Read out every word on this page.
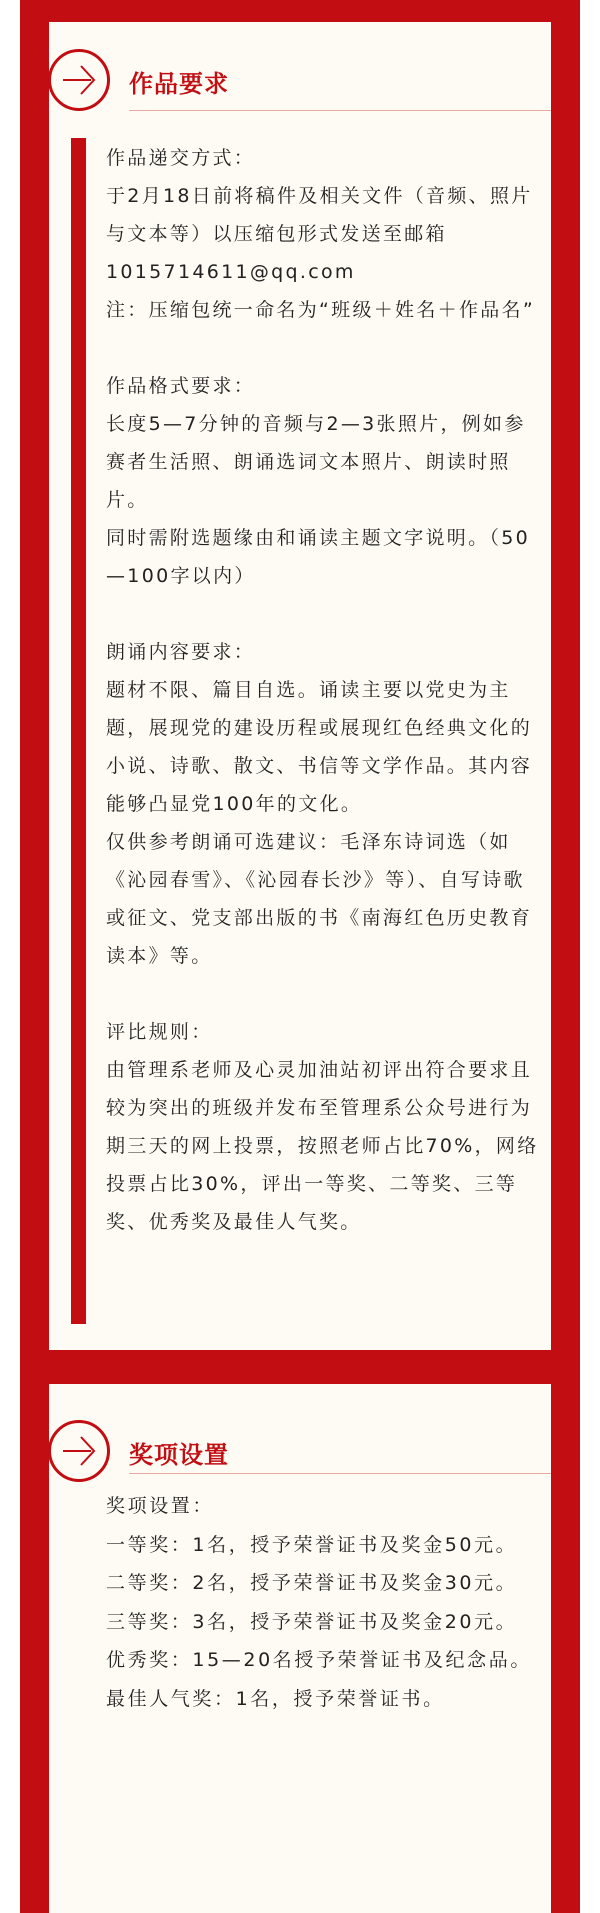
作品要求

作品递交方式：

于2月18日前将稿件及相关文件（音频、照片与文本等）以压缩包形式发送至邮箱1015714611@qq.com

注：压缩包统一命名为“班级＋姓名＋作品名”

作品格式要求：

长度5—7分钟的音频与2—3张照片，例如参赛者生活照、朗诵选词文本照片、朗读时照片。

同时需附选题缘由和诵读主题文字说明。（50—100字以内）

朗诵内容要求：

题材不限、篇目自选。诵读主要以党史为主题，展现党的建设历程或展现红色经典文化的小说、诗歌、散文、书信等文学作品。其内容能够凸显党100年的文化。

仅供参考朗诵可选建议：毛泽东诗词选（如《沁园春雪》、《沁园春长沙》等）、自写诗歌或征文、党支部出版的书《南海红色历史教育读本》等。

评比规则：

由管理系老师及心灵加油站初评出符合要求且较为突出的班级并发布至管理系公众号进行为期三天的网上投票，按照老师占比70%，网络投票占比30%，评出一等奖、二等奖、三等奖、优秀奖及最佳人气奖。

奖项设置

奖项设置：

一等奖：1名，授予荣誉证书及奖金50元。

二等奖：2名，授予荣誉证书及奖金30元。

三等奖：3名，授予荣誉证书及奖金20元。

优秀奖：15—20名授予荣誉证书及纪念品。

最佳人气奖：1名，授予荣誉证书。
